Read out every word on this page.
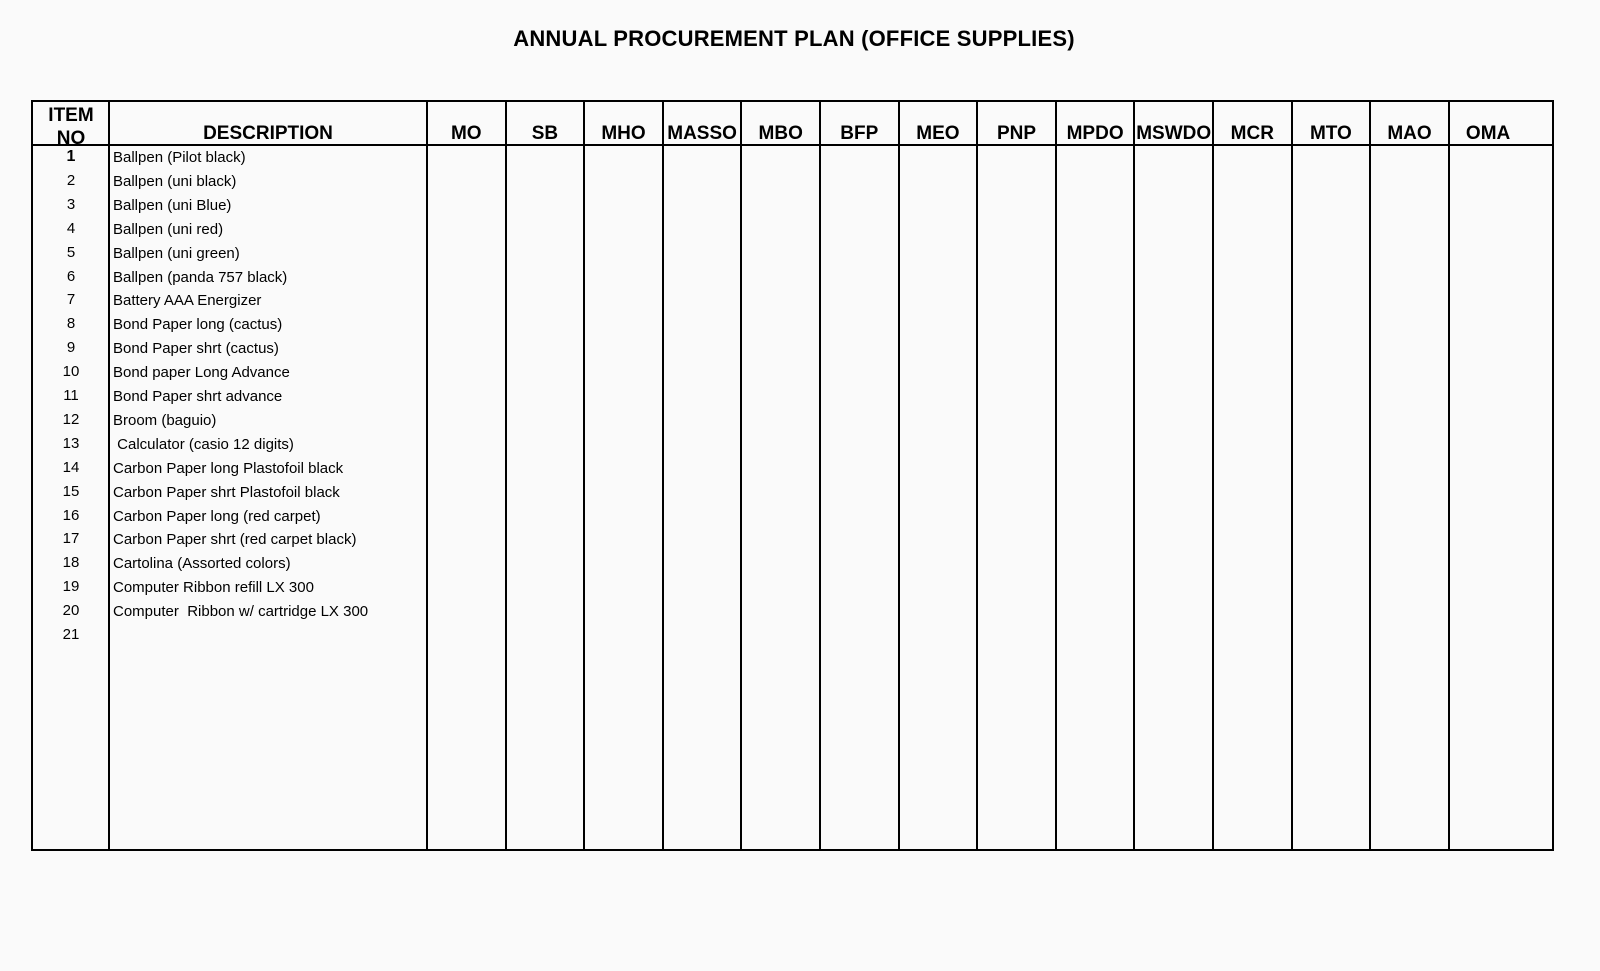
ANNUAL PROCUREMENT PLAN (OFFICE SUPPLIES)
ITEM
NO	DESCRIPTION	MO	SB	MHO	MASSO	MBO	BFP	MEO	PNP	MPDO MSWDO	MCR	MTO	MAO	OMA
1	Ballpen (Pilot black)
2	Ballpen (uni black)
3	Ballpen (uni Blue)
4	Ballpen (uni red)
5	Ballpen (uni green)
6	Ballpen (panda 757 black)
7	Battery AAA Energizer
8	Bond Paper long (cactus)
9	Bond Paper shrt (cactus)
10	Bond paper Long Advance
11	Bond Paper shrt advance
12	Broom (baguio)
13	Calculator (casio 12 digits)
14	Carbon Paper long Plastofoil black
15	Carbon Paper shrt Plastofoil black
16	Carbon Paper long (red carpet)
17	Carbon Paper shrt (red carpet black)
18	Cartolina (Assorted colors)
19	Computer Ribbon refill LX 300
20	Computer  Ribbon w/ cartridge LX 300
21
